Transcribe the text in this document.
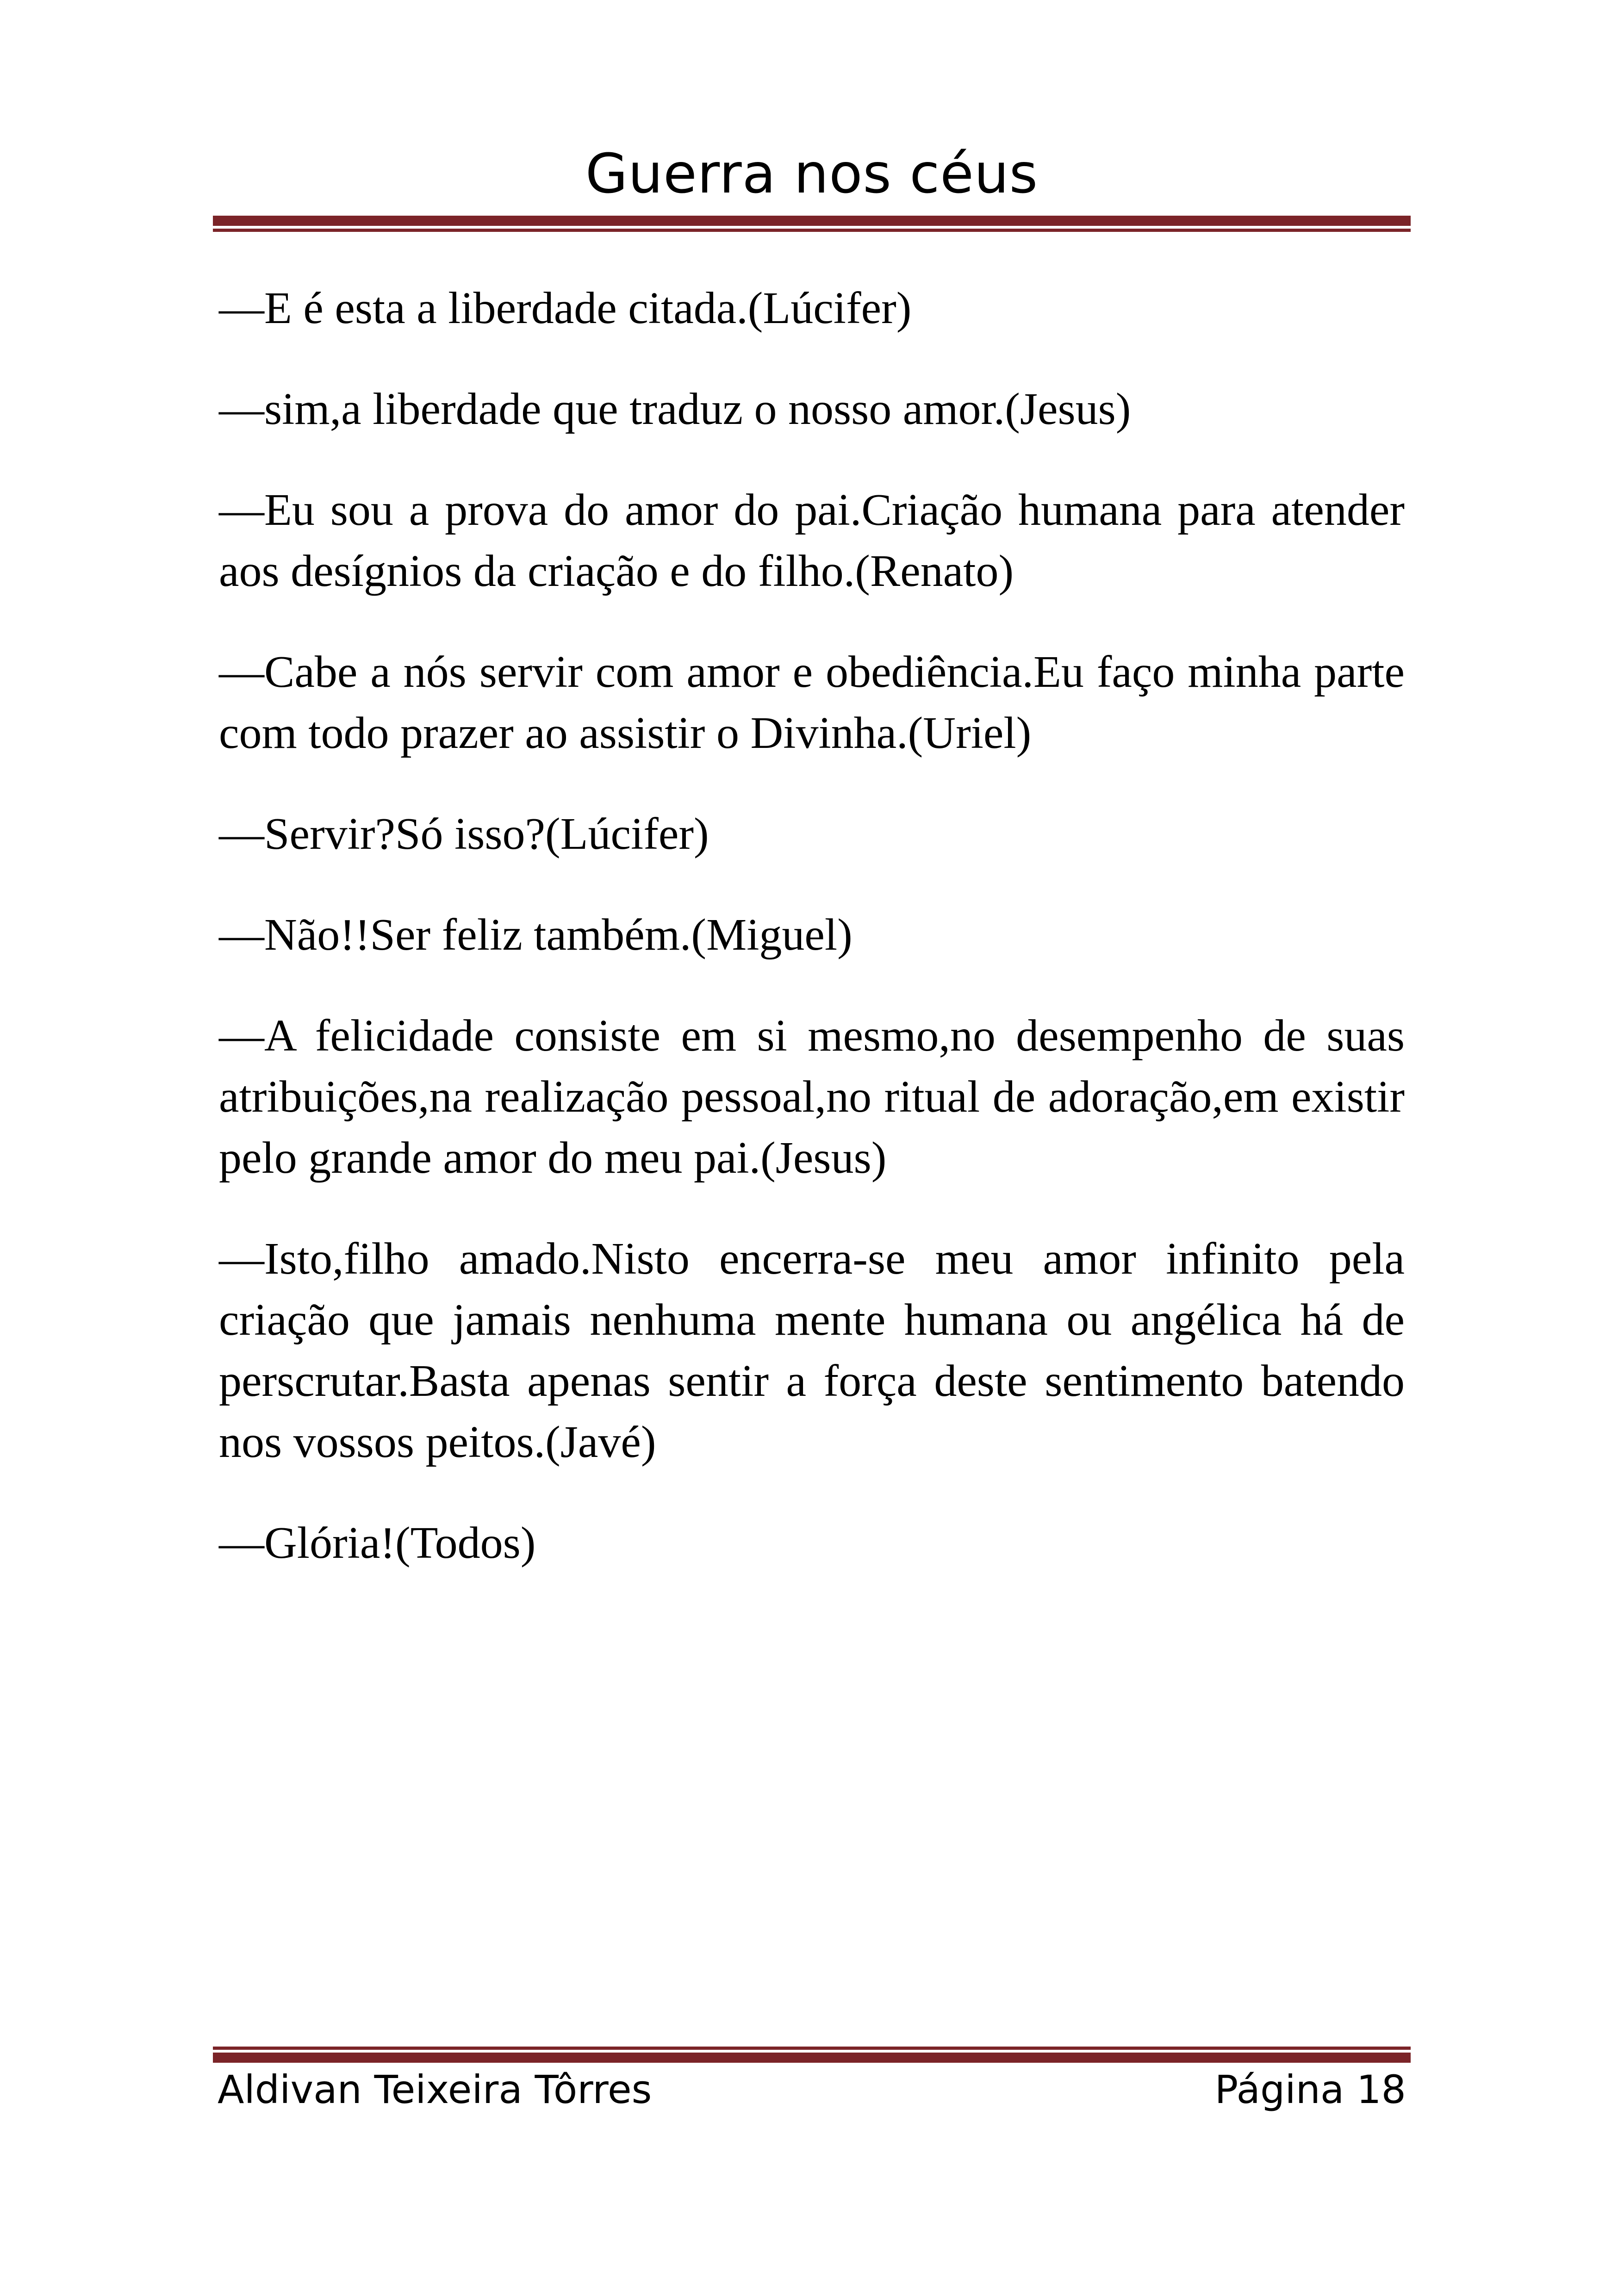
Guerra nos céus

—E é esta a liberdade citada.(Lúcifer)

—sim,a liberdade que traduz o nosso amor.(Jesus)

—Eu sou a prova do amor do pai.Criação humana para atender aos desígnios da criação e do filho.(Renato)

—Cabe a nós servir com amor e obediência.Eu faço minha parte com todo prazer ao assistir o Divinha.(Uriel)

—Servir?Só isso?(Lúcifer)

—Não!!Ser feliz também.(Miguel)

—A felicidade consiste em si mesmo,no desempenho de suas atribuições,na realização pessoal,no ritual de adoração,em existir pelo grande amor do meu pai.(Jesus)

—Isto,filho amado.Nisto encerra-se meu amor infinito pela criação que jamais nenhuma mente humana ou angélica há de perscrutar.Basta apenas sentir a força deste sentimento batendo nos vossos peitos.(Javé)

—Glória!(Todos)

Aldivan Teixeira Tôrres	Página 18
